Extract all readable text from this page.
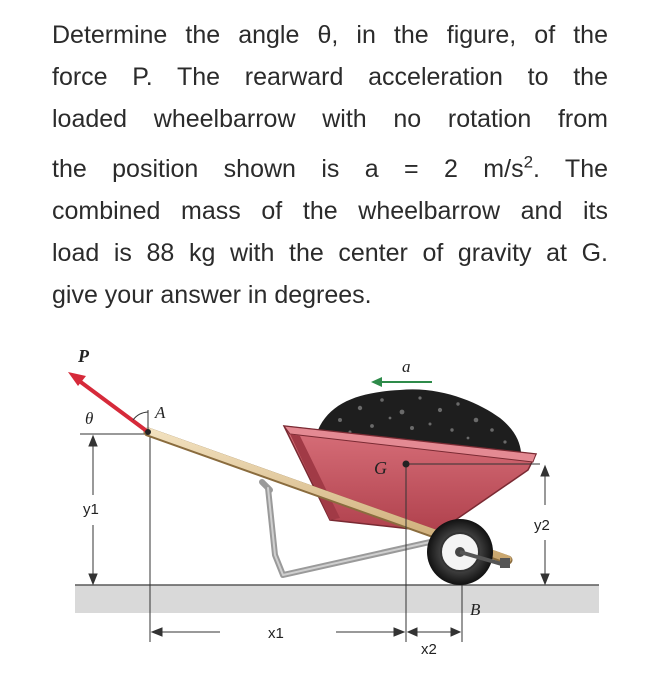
Determine the angle θ, in the figure, of the
force P. The rearward acceleration to the
loaded wheelbarrow with no rotation from
the position shown is a = 2 $m/s^2$. The
combined mass of the wheelbarrow and its
load is 88 kg with the center of gravity at G.
give your answer in degrees.
y1
G
B
y2
x1
x2
P
θ	A
a
